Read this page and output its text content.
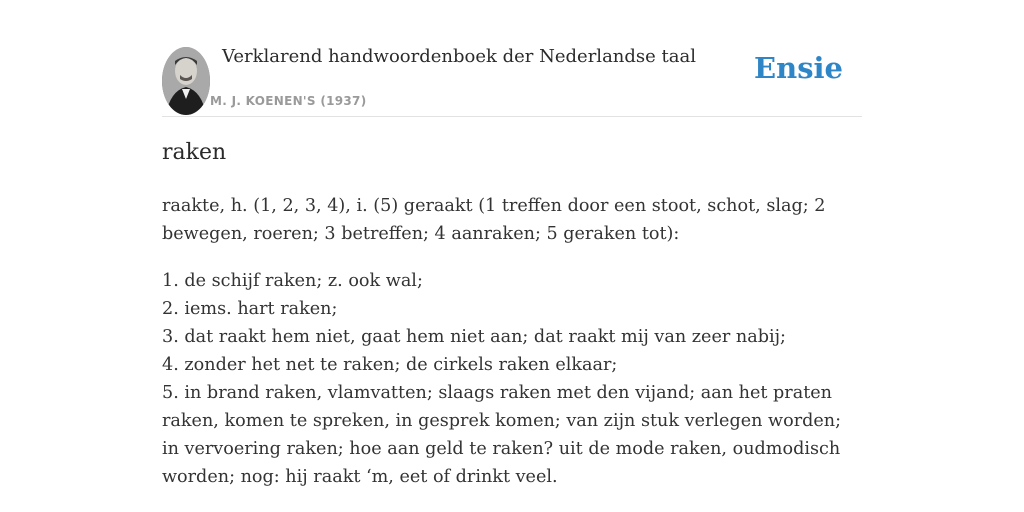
Verklarend handwoordenboek der Nederlandse taal
M. J. KOENEN'S (1937)
Ensie
raken

raakte, h. (1, 2, 3, 4), i. (5) geraakt (1 treffen door een stoot, schot, slag; 2 bewegen, roeren; 3 betreffen; 4 aanraken; 5 geraken tot):

1. de schijf raken; z. ook wal;
2. iems. hart raken;
3. dat raakt hem niet, gaat hem niet aan; dat raakt mij van zeer nabij;
4. zonder het net te raken; de cirkels raken elkaar;
5. in brand raken, vlamvatten; slaags raken met den vijand; aan het praten raken, komen te spreken, in gesprek komen; van zijn stuk verlegen worden; in vervoering raken; hoe aan geld te raken? uit de mode raken, oudmodisch worden; nog: hij raakt ‘m, eet of drinkt veel.
